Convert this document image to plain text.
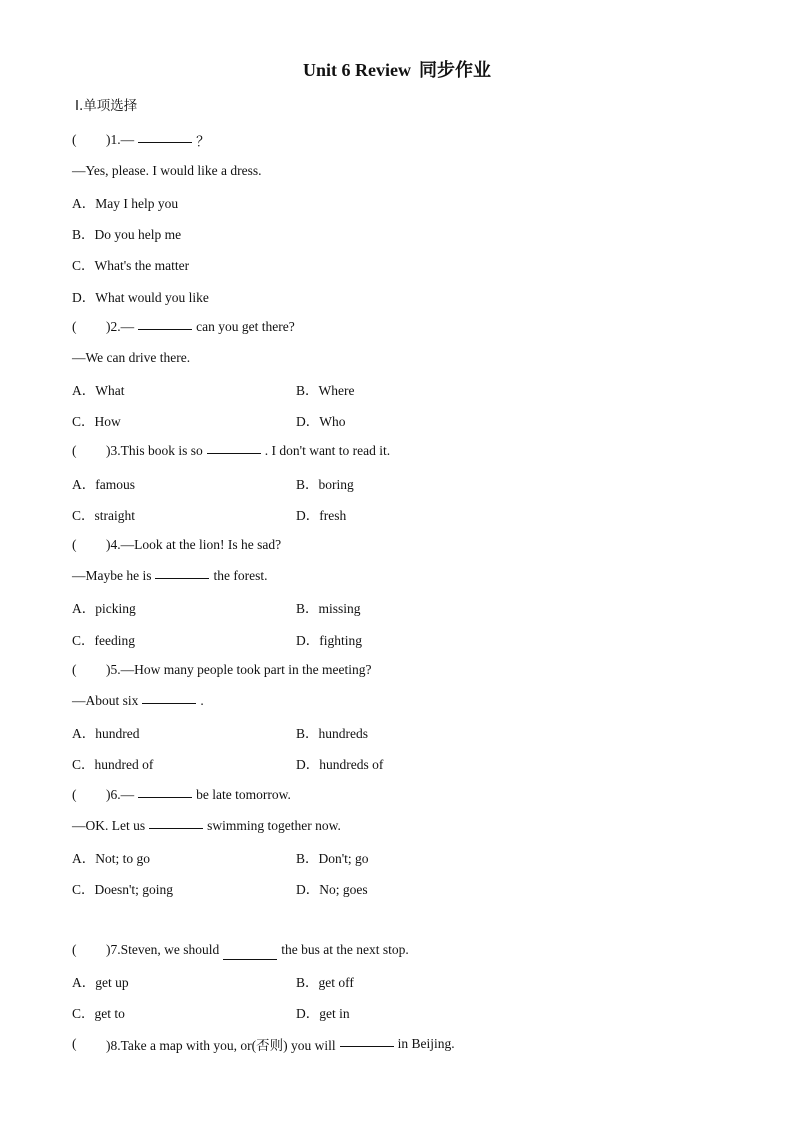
Unit 6 Review 同步作业
Ⅰ.单项选择
(	)1.—	？
—Yes, please. I would like a dress.
A．May I help you
B．Do you help me
C．What's the matter
D．What would you like
(	)2.—	can you get there?
—We can drive there.
A．What	B．Where
C．How	D．Who
(	)3.This book is so	. I don't want to read it.
A．famous	B．boring
C．straight	D．fresh
(	)4.—Look at the lion! Is he sad?
—Maybe he is	the forest.
A．picking	B．missing
C．feeding	D．fighting
(	)5.—How many people took part in the meeting?
—About six	.
A．hundred	B．hundreds
C．hundred of	D．hundreds of
(	)6.—	be late tomorrow.
—OK. Let us	swimming together now.
A．Not; to go	B．Don't; go
C．Doesn't; going	D．No; goes
(	)7.Steven, we should	the bus at the next stop.
A．get up	B．get off
C．get to	D．get in
(	)8.Take a map with you, or(否则) you will	in Beijing.
